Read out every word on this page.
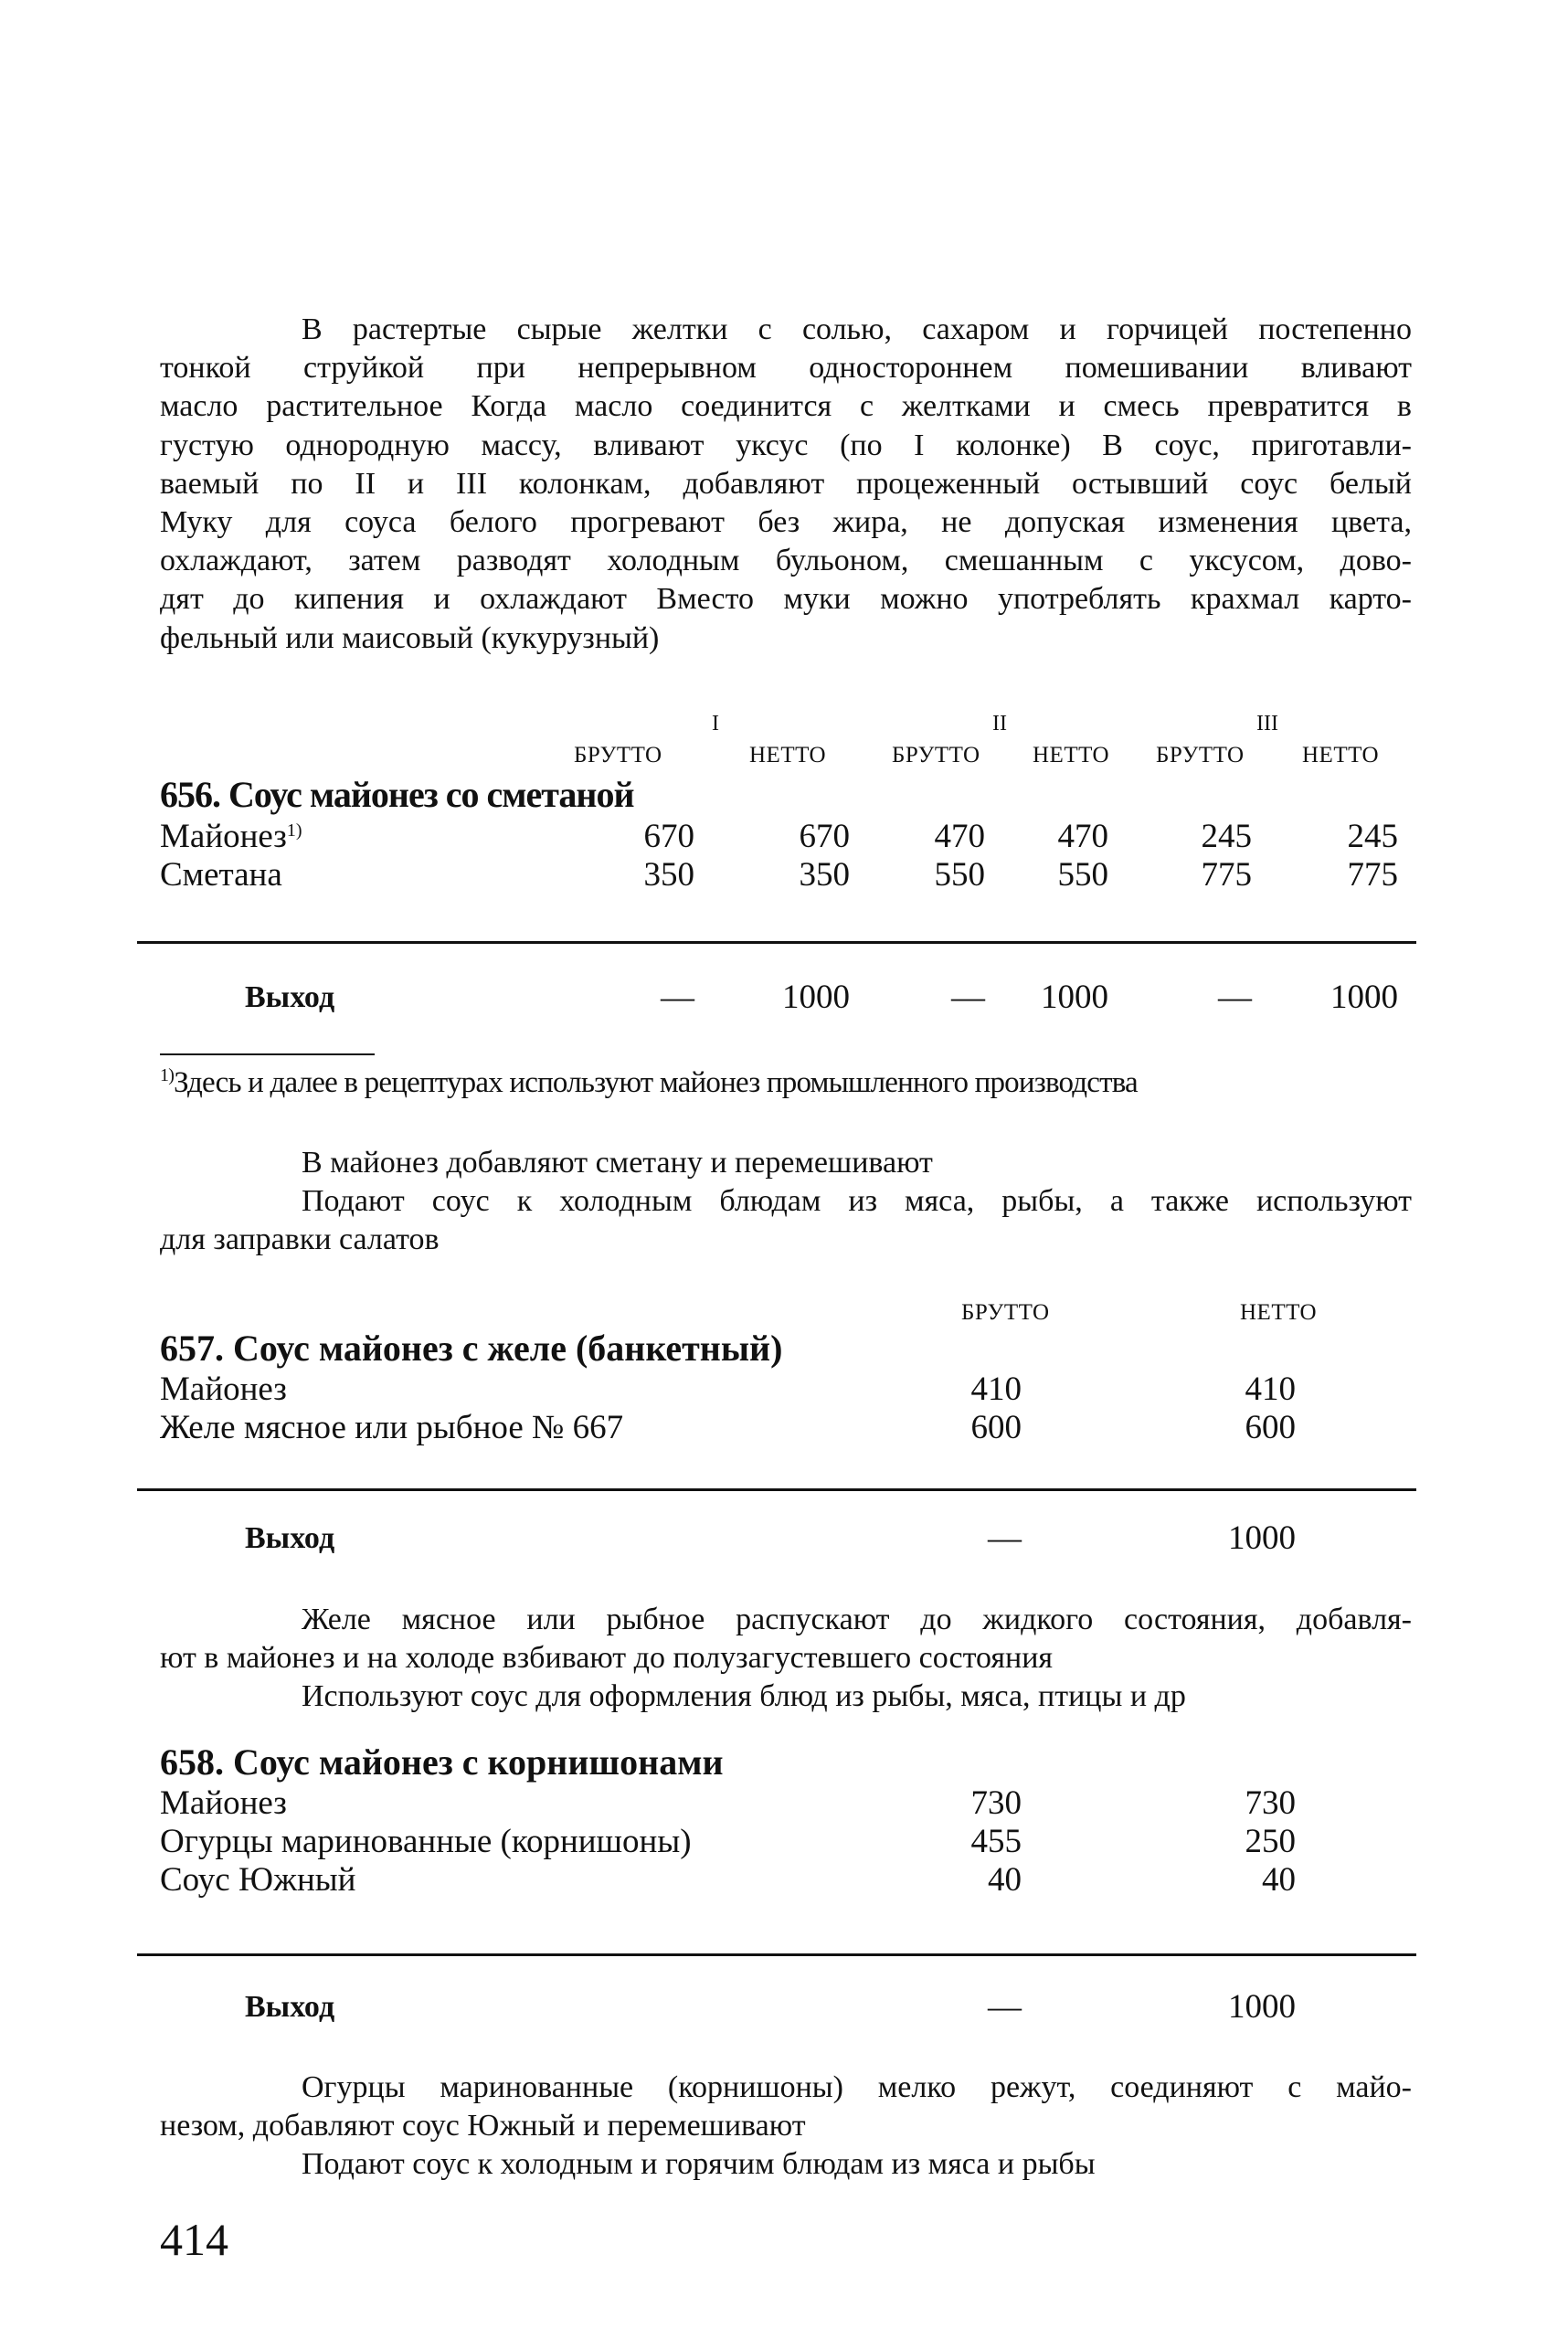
В растертые сырые желтки с солью, сахаром и горчицей постепенно
тонкой струйкой при непрерывном одностороннем помешивании вливают
масло растительное Когда масло соединится с желтками и смесь превратится в
густую однородную массу, вливают уксус (по I колонке) В соус, приготавли-
ваемый по II и III колонкам, добавляют процеженный остывший соус белый
Муку для соуса белого прогревают без жира, не допуская изменения цвета,
охлаждают, затем разводят холодным бульоном, смешанным с уксусом, дово-
дят до кипения и охлаждают Вместо муки можно употреблять крахмал карто-
фельный или маисовый (кукурузный)
I	II	III
БРУТТО	НЕТТО	БРУТТО НЕТТО БРУТТО	НЕТТО
656. Соус майонез со сметаной
Майонез$^{1)}$	670	670	470	470	245	245
Сметана	350	350	550	550	775	775
Выход	—	1000	—	1000	—	1000
$^{1)}$Здесь и далее в рецептурах используют майонез промышленного производства
В майонез добавляют сметану и перемешивают
Подают соус к холодным блюдам из мяса, рыбы, а также используют
для заправки салатов
БРУТТО	НЕТТО
657. Соус майонез с желе (банкетный)
Майонез	410	410
Желе мясное или рыбное № 667	600	600
Выход	—	1000
Желе мясное или рыбное распускают до жидкого состояния, добавля-
ют в майонез и на холоде взбивают до полузагустевшего состояния
Используют соус для оформления блюд из рыбы, мяса, птицы и др
658. Соус майонез с корнишонами
Майонез	730	730
Огурцы маринованные (корнишоны)	455	250
Соус Южный	40	40
Выход	—	1000
Огурцы маринованные (корнишоны) мелко режут, соединяют с майо-
незом, добавляют соус Южный и перемешивают
Подают соус к холодным и горячим блюдам из мяса и рыбы
414
